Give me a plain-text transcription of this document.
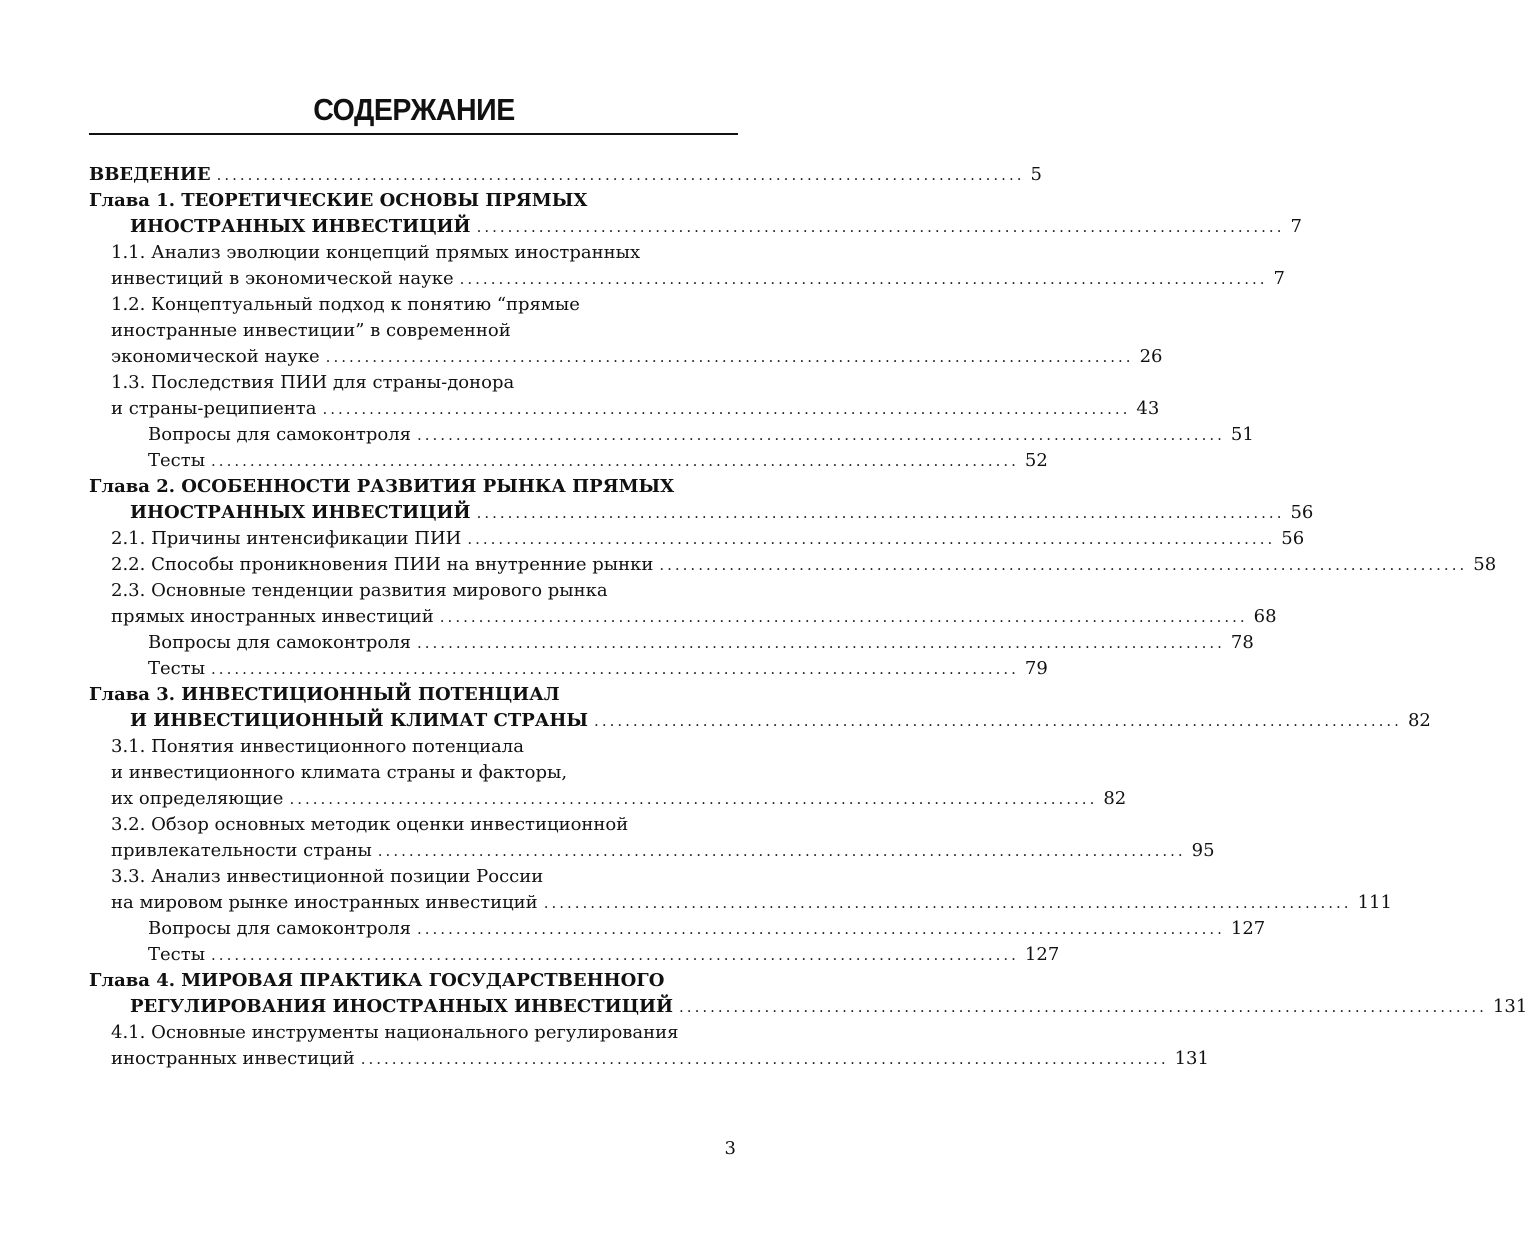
СОДЕРЖАНИЕ
ВВЕДЕНИЕ ........................................................................................................ 5
Глава 1. ТЕОРЕТИЧЕСКИЕ ОСНОВЫ ПРЯМЫХ
ИНОСТРАННЫХ ИНВЕСТИЦИЙ ........................................................................................................ 7
1.1. Анализ эволюции концепций прямых иностранных
инвестиций в экономической науке ........................................................................................................ 7
1.2. Концептуальный подход к понятию “прямые
иностранные инвестиции” в современной
экономической науке ........................................................................................................ 26
1.3. Последствия ПИИ для страны-донора
и страны-реципиента ........................................................................................................ 43
Вопросы для самоконтроля ........................................................................................................ 51
Тесты ........................................................................................................ 52
Глава 2. ОСОБЕННОСТИ РАЗВИТИЯ РЫНКА ПРЯМЫХ
ИНОСТРАННЫХ ИНВЕСТИЦИЙ ........................................................................................................ 56
2.1. Причины интенсификации ПИИ ........................................................................................................ 56
2.2. Способы проникновения ПИИ на внутренние рынки ........................................................................................................ 58
2.3. Основные тенденции развития мирового рынка
прямых иностранных инвестиций ........................................................................................................ 68
Вопросы для самоконтроля ........................................................................................................ 78
Тесты ........................................................................................................ 79
Глава 3. ИНВЕСТИЦИОННЫЙ ПОТЕНЦИАЛ
И ИНВЕСТИЦИОННЫЙ КЛИМАТ СТРАНЫ ........................................................................................................ 82
3.1. Понятия инвестиционного потенциала
и инвестиционного климата страны и факторы,
их определяющие ........................................................................................................ 82
3.2. Обзор основных методик оценки инвестиционной
привлекательности страны ........................................................................................................ 95
3.3. Анализ инвестиционной позиции России
на мировом рынке иностранных инвестиций ........................................................................................................ 111
Вопросы для самоконтроля ........................................................................................................ 127
Тесты ........................................................................................................ 127
Глава 4. МИРОВАЯ ПРАКТИКА ГОСУДАРСТВЕННОГО
РЕГУЛИРОВАНИЯ ИНОСТРАННЫХ ИНВЕСТИЦИЙ ........................................................................................................ 131
4.1. Основные инструменты национального регулирования
иностранных инвестиций ........................................................................................................ 131
3
